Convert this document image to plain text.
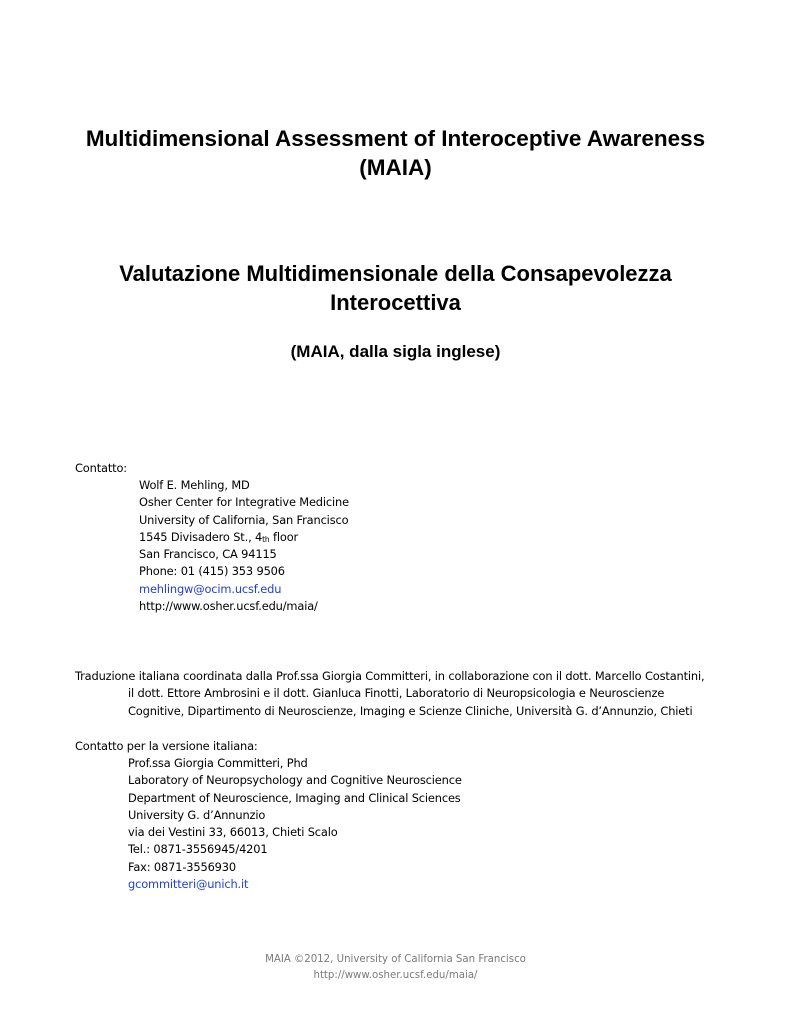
Multidimensional Assessment of Interoceptive Awareness
(MAIA)
Valutazione Multidimensionale della Consapevolezza
Interocettiva
(MAIA, dalla sigla inglese)
Contatto:
Wolf E. Mehling, MD
Osher Center for Integrative Medicine
University of California, San Francisco
1545 Divisadero St., $4_{th}$ floor
San Francisco, CA 94115
Phone: 01 (415) 353 9506
mehlingw@ocim.ucsf.edu
http://www.osher.ucsf.edu/maia/
Traduzione italiana coordinata dalla Prof.ssa Giorgia Committeri, in collaborazione con il dott. Marcello Costantini,
il dott. Ettore Ambrosini e il dott. Gianluca Finotti, Laboratorio di Neuropsicologia e Neuroscienze
Cognitive, Dipartimento di Neuroscienze, Imaging e Scienze Cliniche, Università G. d’Annunzio, Chieti
Contatto per la versione italiana:
Prof.ssa Giorgia Committeri, Phd
Laboratory of Neuropsychology and Cognitive Neuroscience
Department of Neuroscience, Imaging and Clinical Sciences
University G. d’Annunzio
via dei Vestini 33, 66013, Chieti Scalo
Tel.: 0871-3556945/4201
Fax: 0871-3556930
gcommitteri@unich.it
MAIA ©2012, University of California San Francisco
http://www.osher.ucsf.edu/maia/
